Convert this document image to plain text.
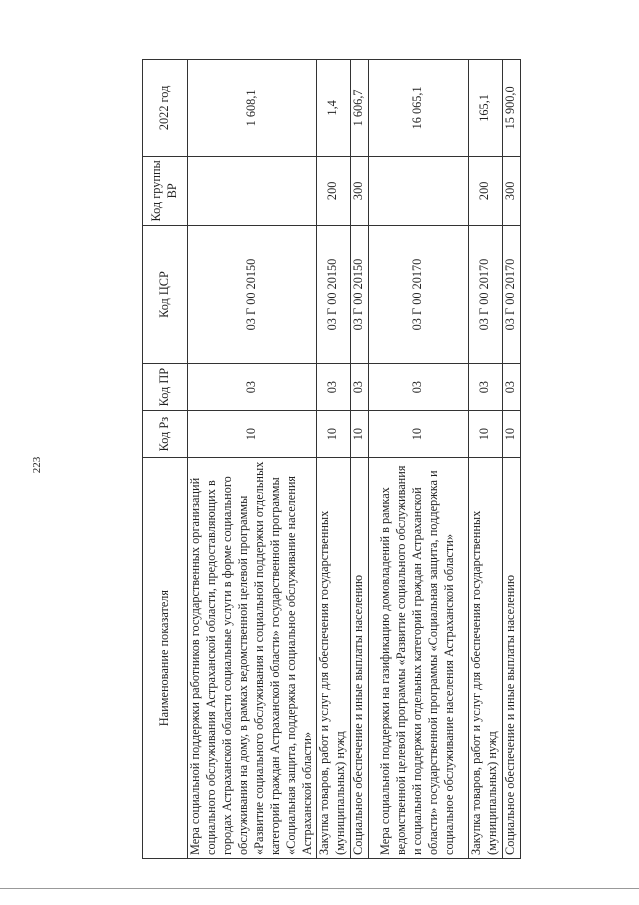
223
Наименование показателя	Код Рз	Код ПР	Код ЦСР	Код группы ВР	2022 год
Мера социальной поддержки работников государственных организаций социального обслуживания Астраханской области, предоставляющих в городах Астраханской области социальные услуги в форме социального обслуживания на дому, в рамках ведомственной целевой программы «Развитие социального обслуживания и социальной поддержки отдельных категорий граждан Астраханской области» государственной программы «Социальная защита, поддержка и социальное обслуживание населения Астраханской области»	10	03	03 Г 00 20150		1 608,1
Закупка товаров, работ и услуг для обеспечения государственных (муниципальных) нужд	10	03	03 Г 00 20150	200	1,4
Социальное обеспечение и иные выплаты населению	10	03	03 Г 00 20150	300	1 606,7
Мера социальной поддержки на газификацию домовладений в рамках ведомственной целевой программы «Развитие социального обслуживания и социальной поддержки отдельных категорий граждан Астраханской области» государственной программы «Социальная защита, поддержка и социальное обслуживание населения Астраханской области»	10	03	03 Г 00 20170		16 065,1
Закупка товаров, работ и услуг для обеспечения государственных (муниципальных) нужд	10	03	03 Г 00 20170	200	165,1
Социальное обеспечение и иные выплаты населению	10	03	03 Г 00 20170	300	15 900,0
